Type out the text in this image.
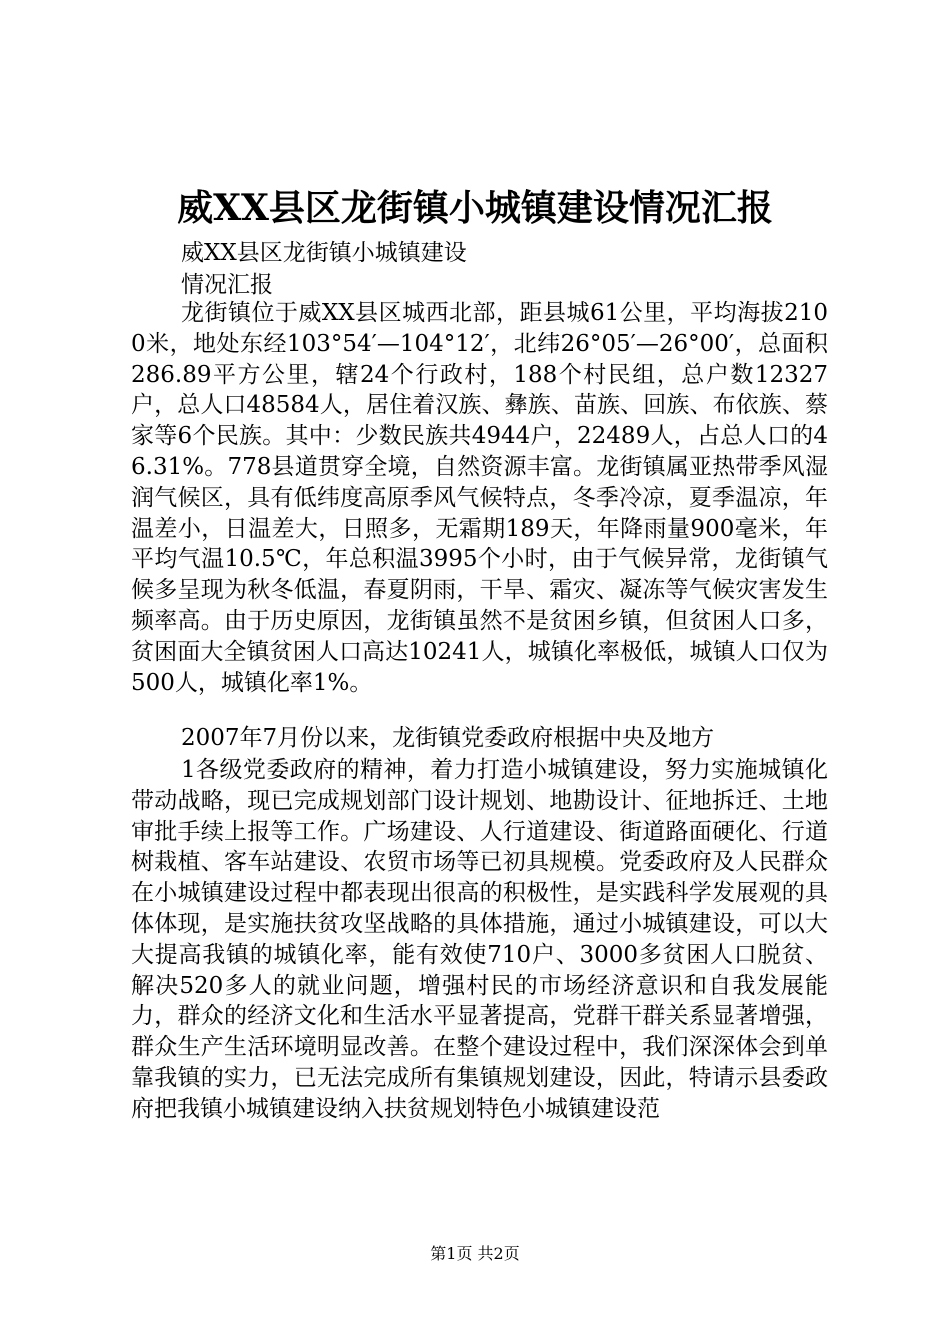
威XX县区龙街镇小城镇建设情况汇报

威XX县区龙街镇小城镇建设

情况汇报

龙街镇位于威XX县区城西北部，距县城61公里，平均海拔2100米，地处东经103°54′—104°12′，北纬26°05′—26°00′，总面积286.89平方公里，辖24个行政村，188个村民组，总户数12327户，总人口48584人，居住着汉族、彝族、苗族、回族、布依族、蔡家等6个民族。其中：少数民族共4944户，22489人，占总人口的46.31%。778县道贯穿全境，自然资源丰富。龙街镇属亚热带季风湿润气候区，具有低纬度高原季风气候特点，冬季冷凉，夏季温凉，年温差小，日温差大，日照多，无霜期189天，年降雨量900毫米，年平均气温10.5℃，年总积温3995个小时，由于气候异常，龙街镇气候多呈现为秋冬低温，春夏阴雨，干旱、霜灾、凝冻等气候灾害发生频率高。由于历史原因，龙街镇虽然不是贫困乡镇，但贫困人口多，贫困面大全镇贫困人口高达10241人，城镇化率极低，城镇人口仅为500人，城镇化率1%。

2007年7月份以来，龙街镇党委政府根据中央及地方

1各级党委政府的精神，着力打造小城镇建设，努力实施城镇化带动战略，现已完成规划部门设计规划、地勘设计、征地拆迁、土地审批手续上报等工作。广场建设、人行道建设、街道路面硬化、行道树栽植、客车站建设、农贸市场等已初具规模。党委政府及人民群众在小城镇建设过程中都表现出很高的积极性，是实践科学发展观的具体体现，是实施扶贫攻坚战略的具体措施，通过小城镇建设，可以大大提高我镇的城镇化率，能有效使710户、3000多贫困人口脱贫、解决520多人的就业问题，增强村民的市场经济意识和自我发展能力，群众的经济文化和生活水平显著提高，党群干群关系显著增强，群众生产生活环境明显改善。在整个建设过程中，我们深深体会到单靠我镇的实力，已无法完成所有集镇规划建设，因此，特请示县委政府把我镇小城镇建设纳入扶贫规划特色小城镇建设范

第1页 共2页
